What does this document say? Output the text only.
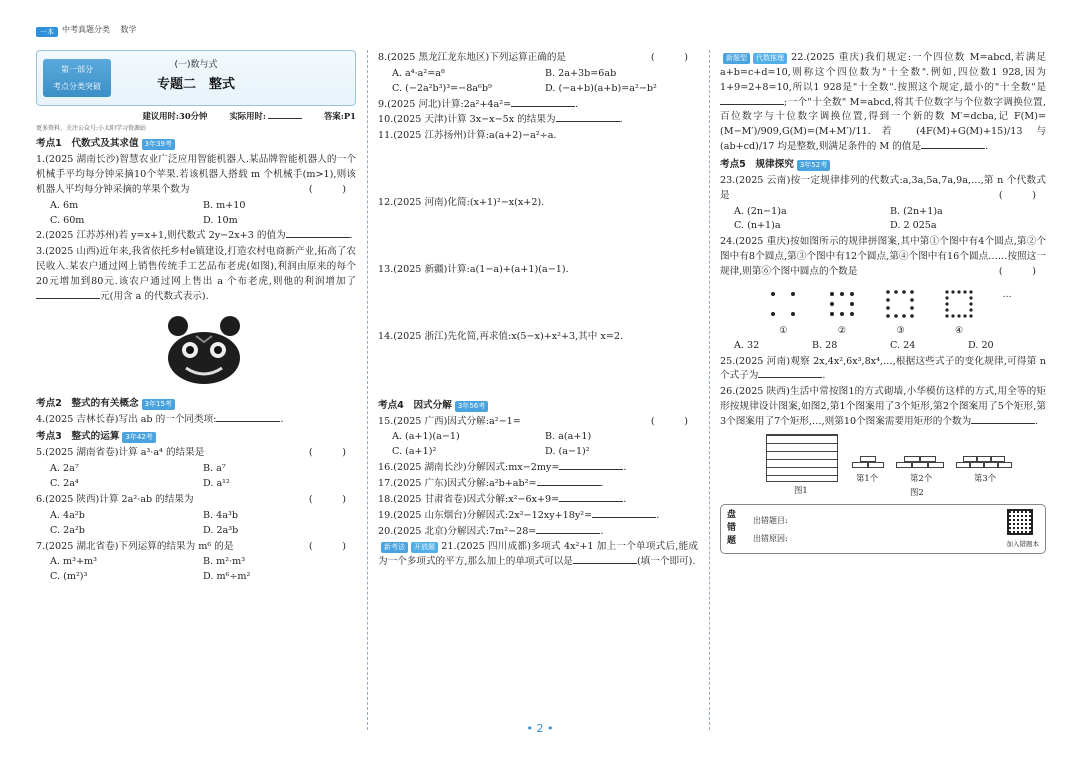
一本	中考真题分类　 数学
第一部分
考点分类突破
(一)数与式
专题二　整式
建议用时:30分钟	实际用时:	答案:P1
更多资料、关注公众号:小太阳学习资源站
考点1　代数式及其求值 3年39考
1.(2025 湖南长沙)智慧农业广泛应用智能机器人.某品牌智能机器人的一个机械手平均每分钟采摘10个苹果.若该机器人搭载 m 个机械手(m>1),则该机器人平均每分钟采摘的苹果个数为	(　)
A. 6m	B. m+10
C. 60m	D. 10m
2.(2025 江苏苏州)若 y=x+1,则代数式 2y−2x+3 的值为	.
3.(2025 山西)近年来,我省依托乡村e镇建设,打造农村电商新产业,拓高了农民收入.某农户通过网上销售传统手工艺品布老虎(如图),利润由原来的每个20元增加到80元.该农户通过网上售出 a 个布老虎,则他的利润增加了元(用含 a 的代数式表示).
考点2　整式的有关概念 3年15考
4.(2025 吉林长春)写出 ab 的一个同类项:	.
考点3　整式的运算 3年42考
5.(2025 湖南省卷)计算 a³·a⁴ 的结果是	(　)
A. 2a⁷	B. a⁷
C. 2a⁴	D. a¹²
6.(2025 陕西)计算 2a²·ab 的结果为	(　)
A. 4a²b	B. 4a³b
C. 2a²b	D. 2a³b
7.(2025 湖北省卷)下列运算的结果为 m⁶ 的是	(　)
A. m³+m³	B. m²·m³
C. (m²)³	D. m⁶÷m²
8.(2025 黑龙江龙东地区)下列运算正确的是	(　)
A. a⁴·a²=a⁸	B. 2a+3b=6ab
C. (−2a²b³)³=−8a⁶b⁹	D. (−a+b)(a+b)=a²−b²
9.(2025 河北)计算:2a²+4a²=	.
10.(2025 天津)计算 3x−x−5x 的结果为	.
11.(2025 江苏扬州)计算:a(a+2)−a²÷a.
12.(2025 河南)化简:(x+1)²−x(x+2).
13.(2025 新疆)计算:a(1−a)+(a+1)(a−1).
14.(2025 浙江)先化简,再求值:x(5−x)+x²+3,其中 x=2.
考点4　因式分解 3年56考
15.(2025 广西)因式分解:a²−1=	(　)
A. (a+1)(a−1)	B. a(a+1)
C. (a+1)²	D. (a−1)²
16.(2025 湖南长沙)分解因式:mx−2my=	.
17.(2025 广东)因式分解:a²b+ab²=	.
18.(2025 甘肃省卷)因式分解:x²−6x+9=	.
19.(2025 山东烟台)分解因式:2x²−12xy+18y²=	.
20.(2025 北京)分解因式:7m²−28=	.
新考法 开放题 21.(2025 四川成都)多项式 4x²+1 加上一个单项式后,能成为一个多项式的平方,那么加上的单项式可以是	(填一个即可).
新题型 代数推理 22.(2025 重庆)我们规定:一个四位数 M=abcd,若满足 a+b=c+d=10,则称这个四位数为"十全数".例如,四位数1 928,因为1+9=2+8=10,所以1 928是"十全数".按照这个规定,最小的"十全数"是;一个"十全数" M=abcd,将其千位数字与个位数字调换位置,百位数字与十位数字调换位置,得到一个新的数 M′=dcba,记 F(M)=(M−M′)/909,G(M)=(M+M′)/11.若 (4F(M)+G(M)+15)/13 与 (ab+cd)/17 均是整数,则满足条件的 M 的值是	.
考点5　规律探究 3年52考
23.(2025 云南)按一定规律排列的代数式:a,3a,5a,7a,9a,…,第 n 个代数式是	(　)
A. (2n−1)a	B. (2n+1)a
C. (n+1)a	D. 2 025a
24.(2025 重庆)按如图所示的规律拼图案,其中第①个图中有4个圆点,第②个图中有8个圆点,第③个图中有12个圆点,第④个图中有16个圆点……按照这一规律,则第⑥个图中圆点的个数是	(　)
①	②	③	④
…
A. 32	B. 28	C. 24	D. 20
25.(2025 河南)观察 2x,4x²,6x³,8x⁴,…,根据这些式子的变化规律,可得第 n 个式子为	.
26.(2025 陕西)生活中常按图1的方式砌墙,小华模仿这样的方式,用全等的矩形按规律设计图案,如图2,第1个图案用了3个矩形,第2个图案用了5个矩形,第3个图案用了7个矩形,…,则第10个图案需要用矩形的个数为	.
图1
第1个	第2个	第3个
图2
盘错题
出错题目:
出错原因:
加入错题本
• 2 •
